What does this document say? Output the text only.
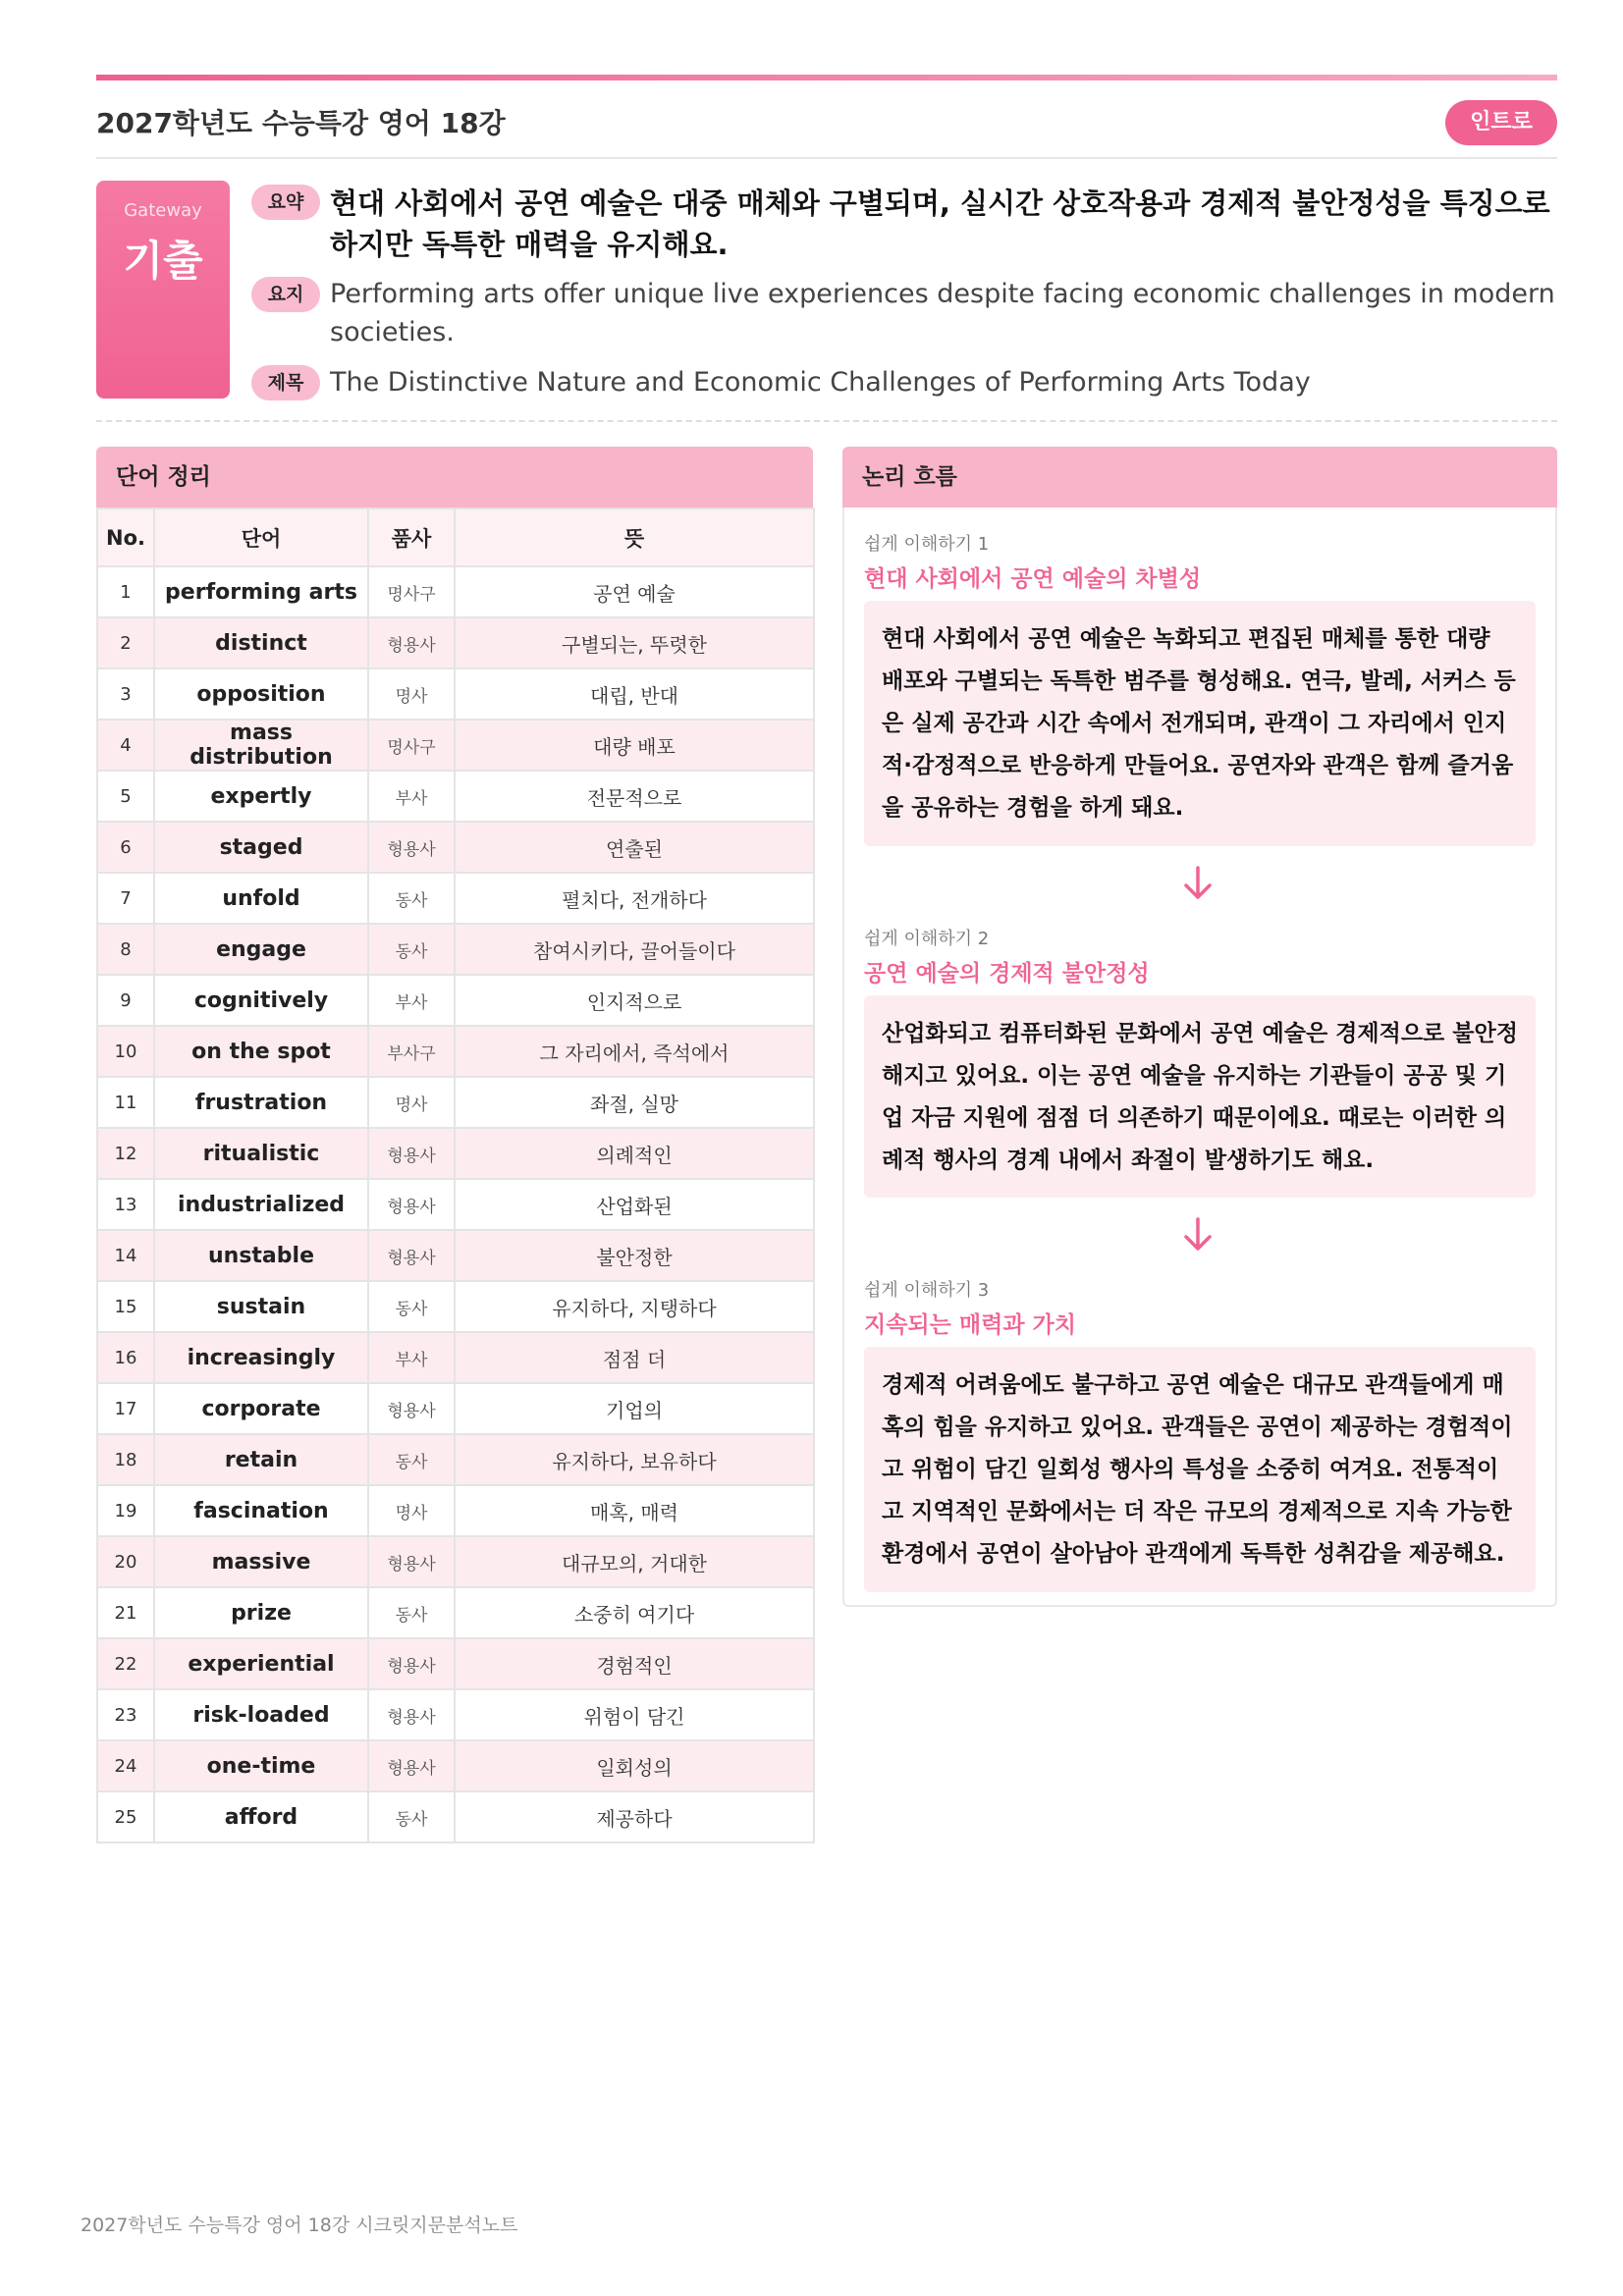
2027학년도 수능특강 영어 18강	인트로
Gateway
기출
요약 현대 사회에서 공연 예술은 대중 매체와 구별되며, 실시간 상호작용과 경제적 불안정성을 특징으로 하지만 독특한 매력을 유지해요.
요지 Performing arts offer unique live experiences despite facing economic challenges in modern societies.
제목 The Distinctive Nature and Economic Challenges of Performing Arts Today
단어 정리
No.	단어	품사	뜻
1	performing arts	명사구	공연 예술
2	distinct	형용사	구별되는, 뚜렷한
3	opposition	명사	대립, 반대
4	mass distribution	명사구	대량 배포
5	expertly	부사	전문적으로
6	staged	형용사	연출된
7	unfold	동사	펼치다, 전개하다
8	engage	동사	참여시키다, 끌어들이다
9	cognitively	부사	인지적으로
10	on the spot	부사구	그 자리에서, 즉석에서
11	frustration	명사	좌절, 실망
12	ritualistic	형용사	의례적인
13	industrialized	형용사	산업화된
14	unstable	형용사	불안정한
15	sustain	동사	유지하다, 지탱하다
16	increasingly	부사	점점 더
17	corporate	형용사	기업의
18	retain	동사	유지하다, 보유하다
19	fascination	명사	매혹, 매력
20	massive	형용사	대규모의, 거대한
21	prize	동사	소중히 여기다
22	experiential	형용사	경험적인
23	risk-loaded	형용사	위험이 담긴
24	one-time	형용사	일회성의
25	afford	동사	제공하다
논리 흐름
쉽게 이해하기 1
현대 사회에서 공연 예술의 차별성
현대 사회에서 공연 예술은 녹화되고 편집된 매체를 통한 대량 배포와 구별되는 독특한 범주를 형성해요. 연극, 발레, 서커스 등은 실제 공간과 시간 속에서 전개되며, 관객이 그 자리에서 인지적·감정적으로 반응하게 만들어요. 공연자와 관객은 함께 즐거움을 공유하는 경험을 하게 돼요.
쉽게 이해하기 2
공연 예술의 경제적 불안정성
산업화되고 컴퓨터화된 문화에서 공연 예술은 경제적으로 불안정해지고 있어요. 이는 공연 예술을 유지하는 기관들이 공공 및 기업 자금 지원에 점점 더 의존하기 때문이에요. 때로는 이러한 의례적 행사의 경계 내에서 좌절이 발생하기도 해요.
쉽게 이해하기 3
지속되는 매력과 가치
경제적 어려움에도 불구하고 공연 예술은 대규모 관객들에게 매혹의 힘을 유지하고 있어요. 관객들은 공연이 제공하는 경험적이고 위험이 담긴 일회성 행사의 특성을 소중히 여겨요. 전통적이고 지역적인 문화에서는 더 작은 규모의 경제적으로 지속 가능한 환경에서 공연이 살아남아 관객에게 독특한 성취감을 제공해요.
2027학년도 수능특강 영어 18강 시크릿지문분석노트
